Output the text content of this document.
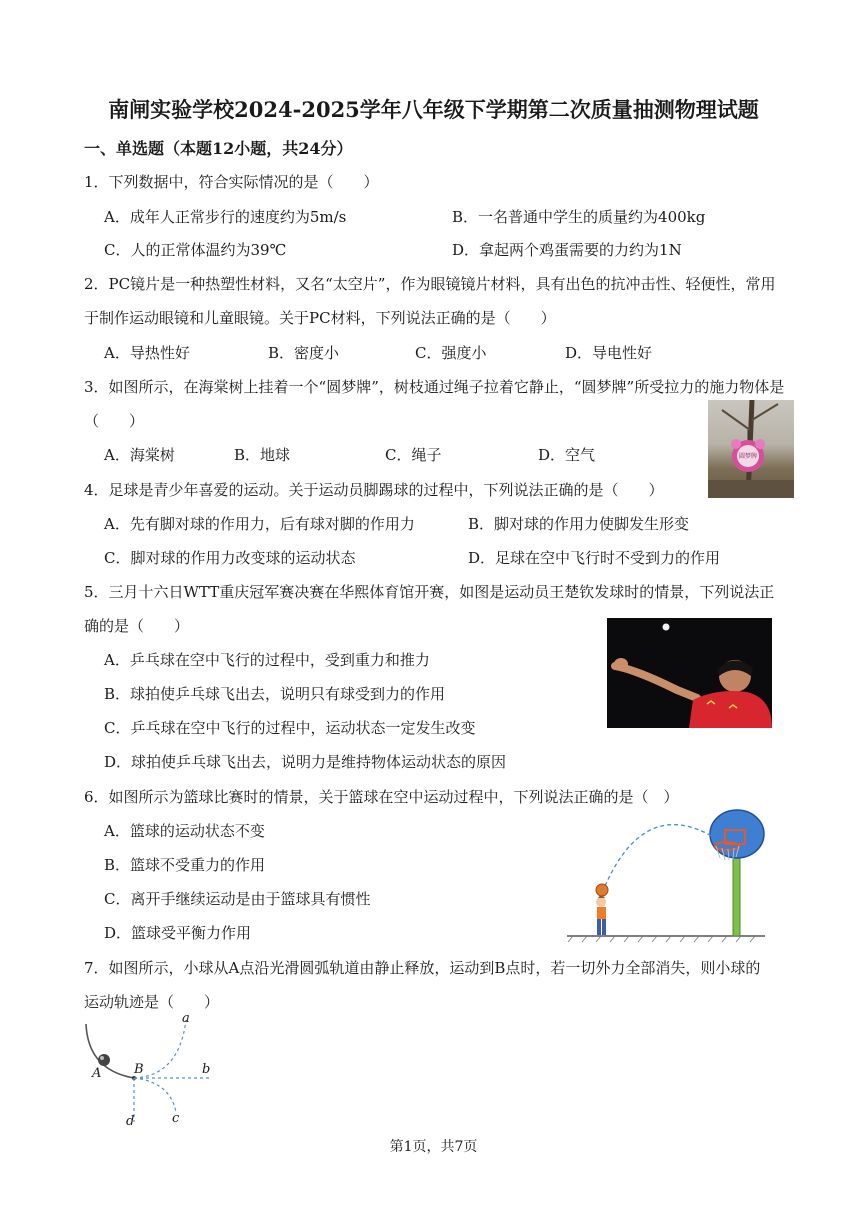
南闸实验学校2024-2025学年八年级下学期第二次质量抽测物理试题
一、单选题（本题12小题，共24分）
1．下列数据中，符合实际情况的是（　　）
A．成年人正常步行的速度约为5m/s	B．一名普通中学生的质量约为400kg
C．人的正常体温约为39℃	D．拿起两个鸡蛋需要的力约为1N
2．PC镜片是一种热塑性材料，又名“太空片”，作为眼镜镜片材料，具有出色的抗冲击性、轻便性，常用
于制作运动眼镜和儿童眼镜。关于PC材料，下列说法正确的是（　　）
A．导热性好	B．密度小	C．强度小	D．导电性好
3．如图所示，在海棠树上挂着一个“圆梦牌”，树枝通过绳子拉着它静止，“圆梦牌”所受拉力的施力物体是
（　　）
A．海棠树	B．地球	C．绳子	D．空气	圆梦牌
4．足球是青少年喜爱的运动。关于运动员脚踢球的过程中，下列说法正确的是（　　）
A．先有脚对球的作用力，后有球对脚的作用力	B．脚对球的作用力使脚发生形变
C．脚对球的作用力改变球的运动状态	D．足球在空中飞行时不受到力的作用
5．三月十六日WTT重庆冠军赛决赛在华熙体育馆开赛，如图是运动员王楚钦发球时的情景，下列说法正
确的是（　　）
A．乒乓球在空中飞行的过程中，受到重力和推力
B．球拍使乒乓球飞出去，说明只有球受到力的作用
C．乒乓球在空中飞行的过程中，运动状态一定发生改变
D．球拍使乒乓球飞出去，说明力是维持物体运动状态的原因
6．如图所示为篮球比赛时的情景，关于篮球在空中运动过程中，下列说法正确的是（　）
A．篮球的运动状态不变
B．篮球不受重力的作用
C．离开手继续运动是由于篮球具有惯性
D．篮球受平衡力作用
7．如图所示，小球从A点沿光滑圆弧轨道由静止释放，运动到B点时，若一切外力全部消失，则小球的
运动轨迹是（　　）
a
A	B	b
c
d
第1页，共7页
